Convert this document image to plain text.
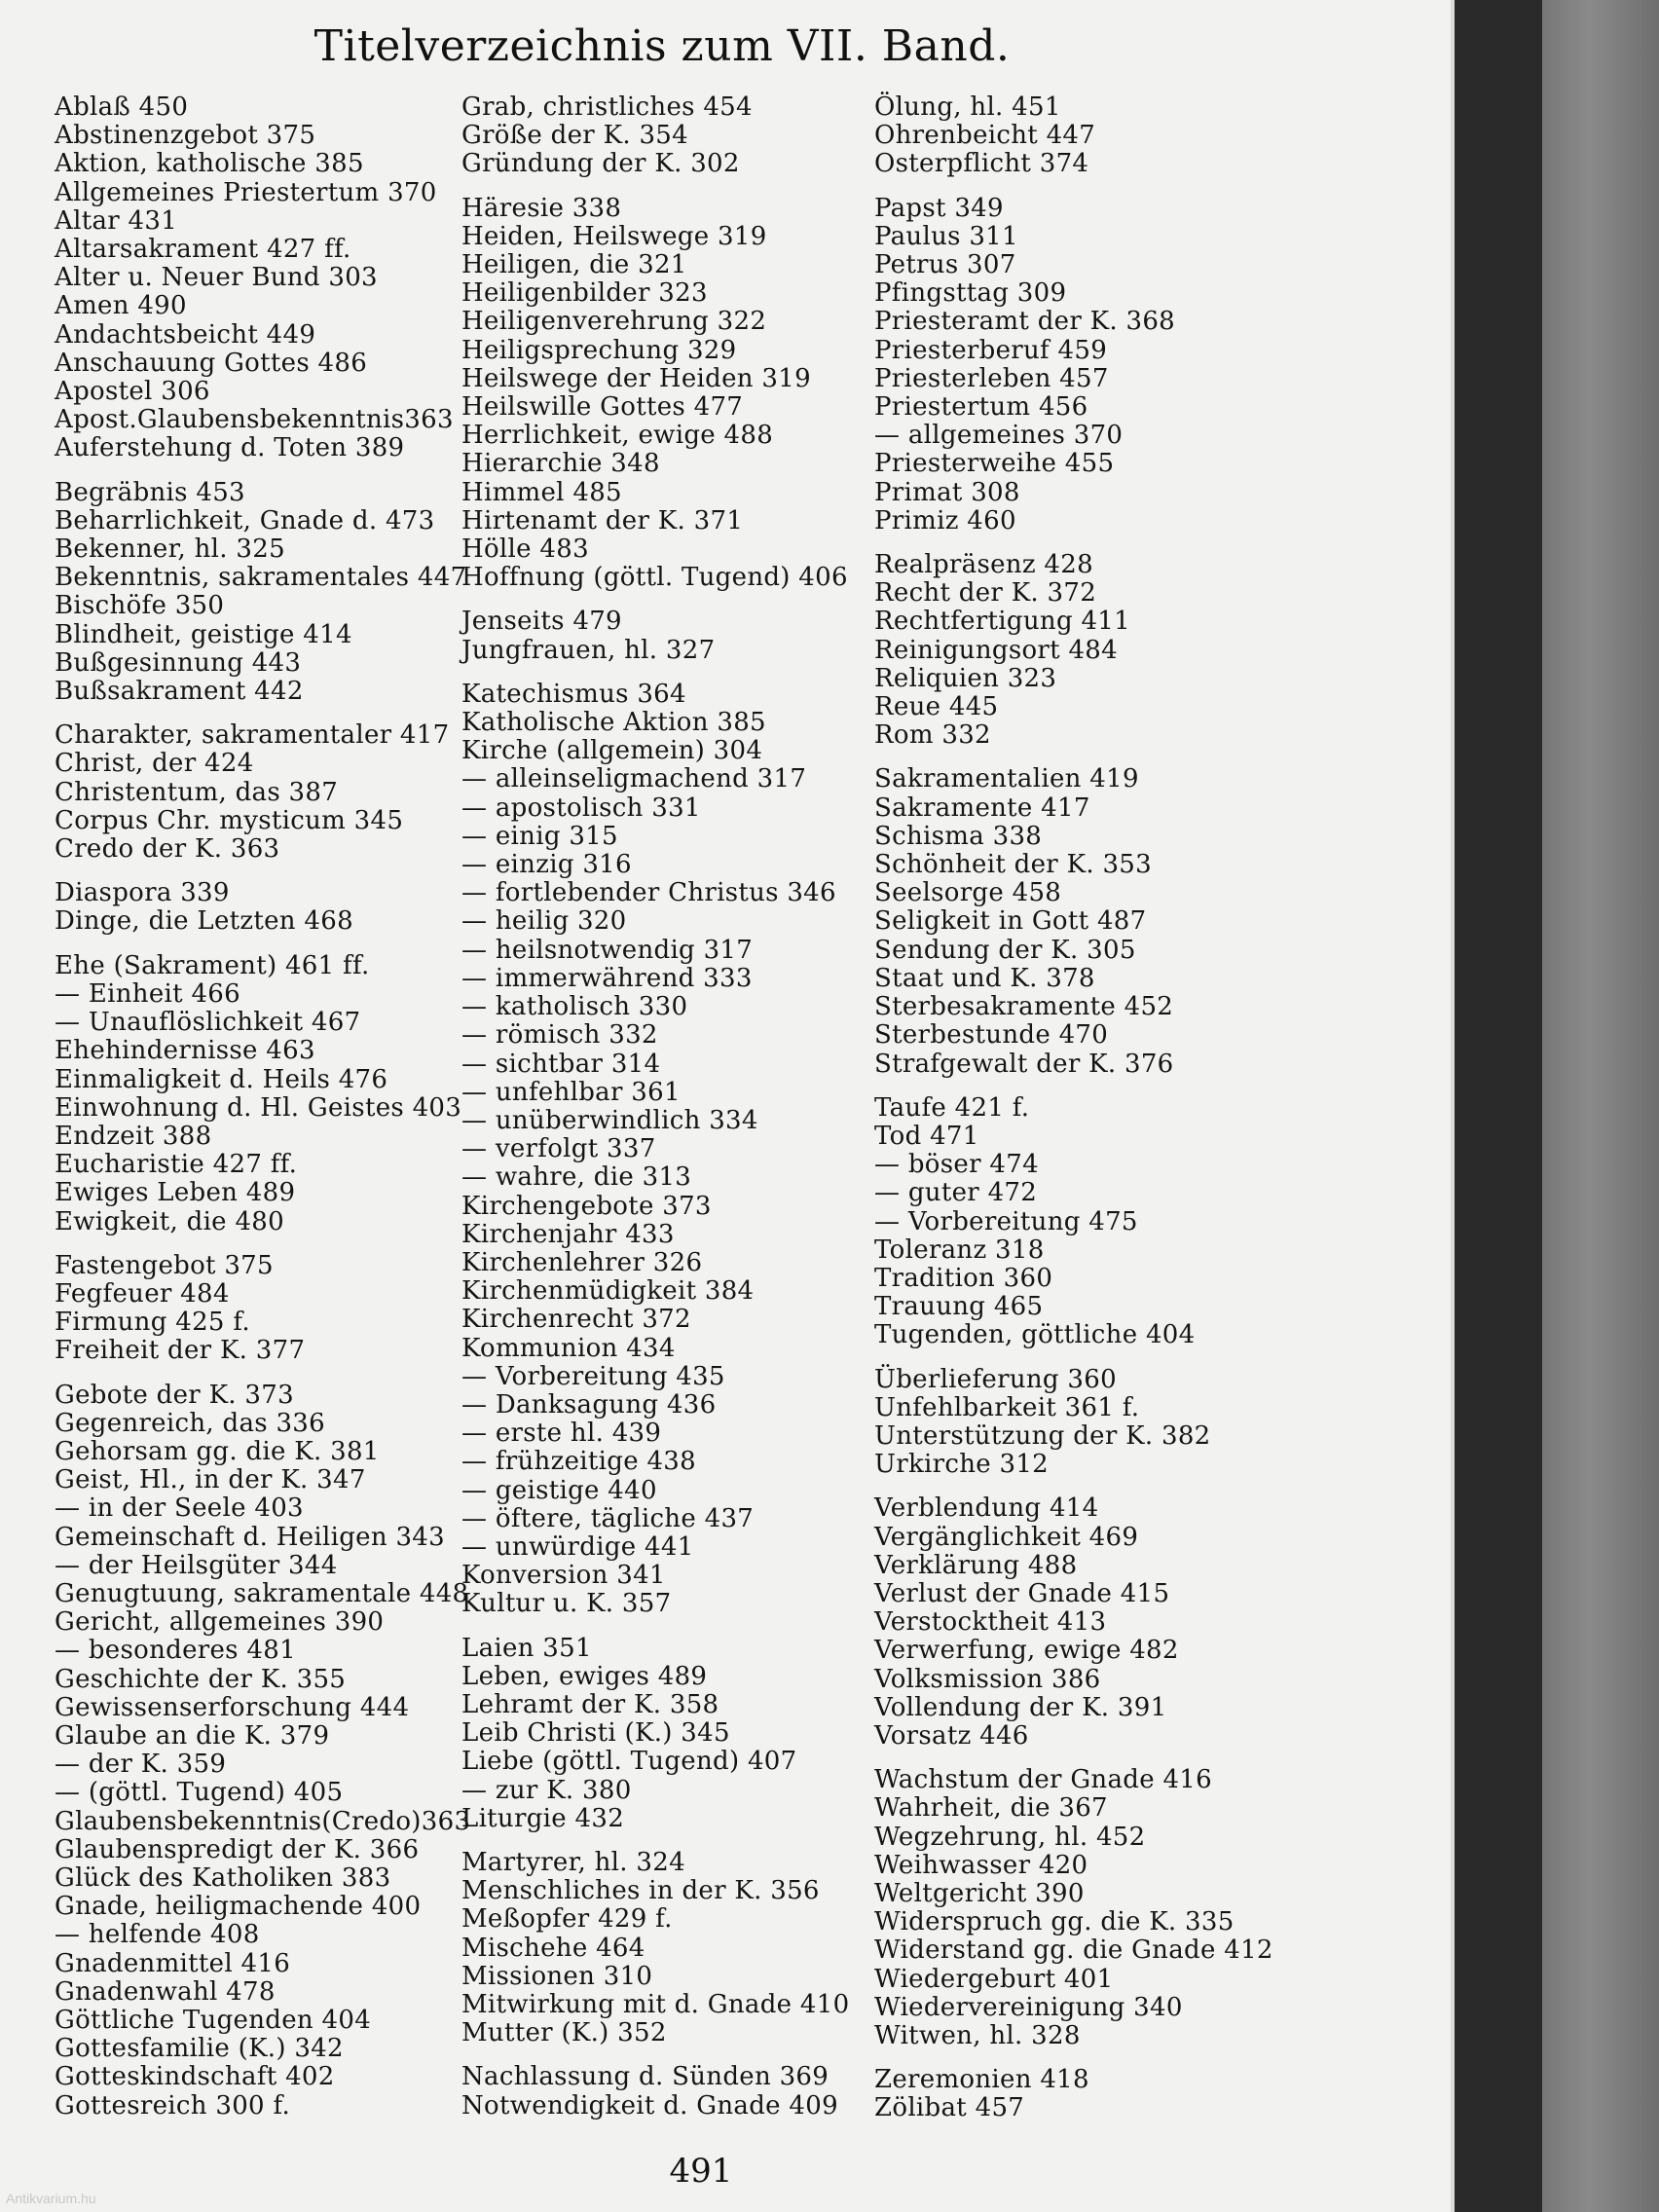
Titelverzeichnis zum VII. Band.
Ablaß 450
Abstinenzgebot 375
Aktion, katholische 385
Allgemeines Priestertum 370
Altar 431
Altarsakrament 427 ff.
Alter u. Neuer Bund 303
Amen 490
Andachtsbeicht 449
Anschauung Gottes 486
Apostel 306
Apost.Glaubensbekenntnis363
Auferstehung d. Toten 389
Begräbnis 453
Beharrlichkeit, Gnade d. 473
Bekenner, hl. 325
Bekenntnis, sakramentales 447
Bischöfe 350
Blindheit, geistige 414
Bußgesinnung 443
Bußsakrament 442
Charakter, sakramentaler 417
Christ, der 424
Christentum, das 387
Corpus Chr. mysticum 345
Credo der K. 363
Diaspora 339
Dinge, die Letzten 468
Ehe (Sakrament) 461 ff.
— Einheit 466
— Unauflöslichkeit 467
Ehehindernisse 463
Einmaligkeit d. Heils 476
Einwohnung d. Hl. Geistes 403
Endzeit 388
Eucharistie 427 ff.
Ewiges Leben 489
Ewigkeit, die 480
Fastengebot 375
Fegfeuer 484
Firmung 425 f.
Freiheit der K. 377
Gebote der K. 373
Gegenreich, das 336
Gehorsam gg. die K. 381
Geist, Hl., in der K. 347
— in der Seele 403
Gemeinschaft d. Heiligen 343
— der Heilsgüter 344
Genugtuung, sakramentale 448
Gericht, allgemeines 390
— besonderes 481
Geschichte der K. 355
Gewissenserforschung 444
Glaube an die K. 379
— der K. 359
— (göttl. Tugend) 405
Glaubensbekenntnis(Credo)363
Glaubenspredigt der K. 366
Glück des Katholiken 383
Gnade, heiligmachende 400
— helfende 408
Gnadenmittel 416
Gnadenwahl 478
Göttliche Tugenden 404
Gottesfamilie (K.) 342
Gotteskindschaft 402
Gottesreich 300 f.
Grab, christliches 454
Größe der K. 354
Gründung der K. 302
Häresie 338
Heiden, Heilswege 319
Heiligen, die 321
Heiligenbilder 323
Heiligenverehrung 322
Heiligsprechung 329
Heilswege der Heiden 319
Heilswille Gottes 477
Herrlichkeit, ewige 488
Hierarchie 348
Himmel 485
Hirtenamt der K. 371
Hölle 483
Hoffnung (göttl. Tugend) 406
Jenseits 479
Jungfrauen, hl. 327
Katechismus 364
Katholische Aktion 385
Kirche (allgemein) 304
— alleinseligmachend 317
— apostolisch 331
— einig 315
— einzig 316
— fortlebender Christus 346
— heilig 320
— heilsnotwendig 317
— immerwährend 333
— katholisch 330
— römisch 332
— sichtbar 314
— unfehlbar 361
— unüberwindlich 334
— verfolgt 337
— wahre, die 313
Kirchengebote 373
Kirchenjahr 433
Kirchenlehrer 326
Kirchenmüdigkeit 384
Kirchenrecht 372
Kommunion 434
— Vorbereitung 435
— Danksagung 436
— erste hl. 439
— frühzeitige 438
— geistige 440
— öftere, tägliche 437
— unwürdige 441
Konversion 341
Kultur u. K. 357
Laien 351
Leben, ewiges 489
Lehramt der K. 358
Leib Christi (K.) 345
Liebe (göttl. Tugend) 407
— zur K. 380
Liturgie 432
Martyrer, hl. 324
Menschliches in der K. 356
Meßopfer 429 f.
Mischehe 464
Missionen 310
Mitwirkung mit d. Gnade 410
Mutter (K.) 352
Nachlassung d. Sünden 369
Notwendigkeit d. Gnade 409
Ölung, hl. 451
Ohrenbeicht 447
Osterpflicht 374
Papst 349
Paulus 311
Petrus 307
Pfingsttag 309
Priesteramt der K. 368
Priesterberuf 459
Priesterleben 457
Priestertum 456
— allgemeines 370
Priesterweihe 455
Primat 308
Primiz 460
Realpräsenz 428
Recht der K. 372
Rechtfertigung 411
Reinigungsort 484
Reliquien 323
Reue 445
Rom 332
Sakramentalien 419
Sakramente 417
Schisma 338
Schönheit der K. 353
Seelsorge 458
Seligkeit in Gott 487
Sendung der K. 305
Staat und K. 378
Sterbesakramente 452
Sterbestunde 470
Strafgewalt der K. 376
Taufe 421 f.
Tod 471
— böser 474
— guter 472
— Vorbereitung 475
Toleranz 318
Tradition 360
Trauung 465
Tugenden, göttliche 404
Überlieferung 360
Unfehlbarkeit 361 f.
Unterstützung der K. 382
Urkirche 312
Verblendung 414
Vergänglichkeit 469
Verklärung 488
Verlust der Gnade 415
Verstocktheit 413
Verwerfung, ewige 482
Volksmission 386
Vollendung der K. 391
Vorsatz 446
Wachstum der Gnade 416
Wahrheit, die 367
Wegzehrung, hl. 452
Weihwasser 420
Weltgericht 390
Widerspruch gg. die K. 335
Widerstand gg. die Gnade 412
Wiedergeburt 401
Wiedervereinigung 340
Witwen, hl. 328
Zeremonien 418
Zölibat 457
491
Antikvarium.hu
